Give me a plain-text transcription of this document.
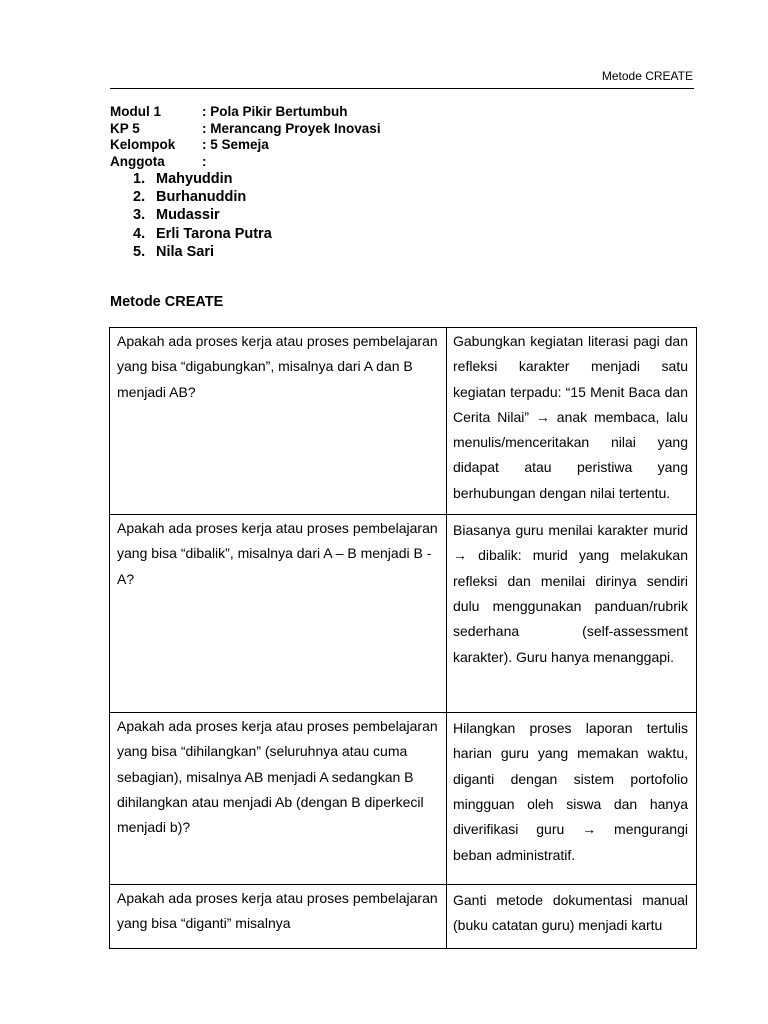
Metode CREATE
Modul 1	: Pola Pikir Bertumbuh
KP 5	: Merancang Proyek Inovasi
Kelompok	: 5 Semeja
Anggota	:
1. Mahyuddin
2. Burhanuddin
3. Mudassir
4. Erli Tarona Putra
5. Nila Sari
Metode CREATE
Apakah ada proses kerja atau proses pembelajaran yang bisa “digabungkan”, misalnya dari A dan B menjadi AB?	Gabungkan kegiatan literasi pagi dan refleksi karakter menjadi satu kegiatan terpadu: “15 Menit Baca dan Cerita Nilai” → anak membaca, lalu menulis/menceritakan nilai yang didapat atau peristiwa yang berhubungan dengan nilai tertentu.
Apakah ada proses kerja atau proses pembelajaran yang bisa “dibalik”, misalnya dari A – B menjadi B - A?	Biasanya guru menilai karakter murid → dibalik: murid yang melakukan refleksi dan menilai dirinya sendiri dulu menggunakan panduan/rubrik sederhana (self-assessment karakter). Guru hanya menanggapi.
Apakah ada proses kerja atau proses pembelajaran yang bisa “dihilangkan” (seluruhnya atau cuma sebagian), misalnya AB menjadi A sedangkan B dihilangkan atau menjadi Ab (dengan B diperkecil menjadi b)?	Hilangkan proses laporan tertulis harian guru yang memakan waktu, diganti dengan sistem portofolio mingguan oleh siswa dan hanya diverifikasi guru → mengurangi beban administratif.
Apakah ada proses kerja atau proses pembelajaran yang bisa “diganti” misalnya	Ganti metode dokumentasi manual (buku catatan guru) menjadi kartu
